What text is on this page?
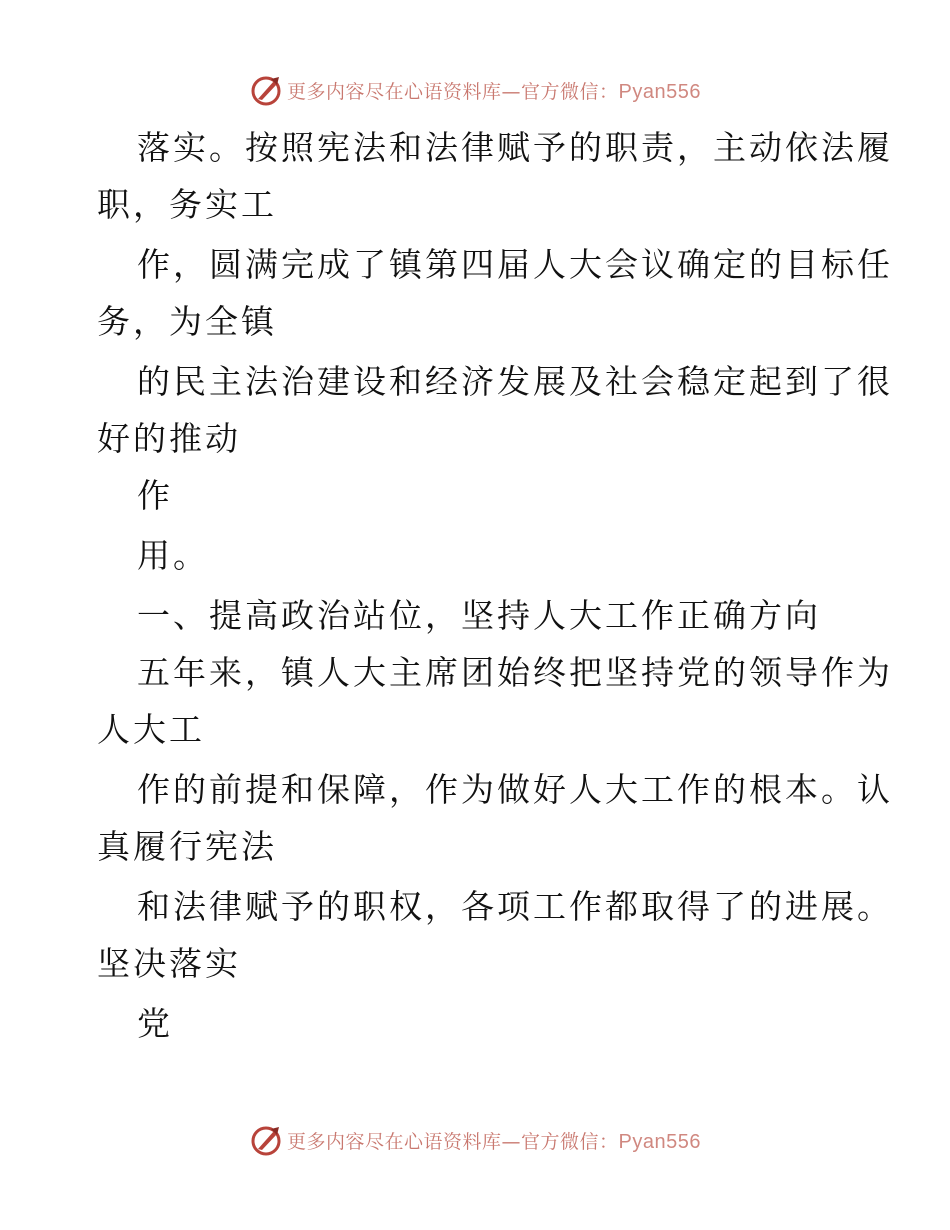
更多内容尽在心语资料库—官方微信：Pyan556
落实。按照宪法和法律赋予的职责，主动依法履
职，务实工
作，圆满完成了镇第四届人大会议确定的目标任
务，为全镇
的民主法治建设和经济发展及社会稳定起到了很
好的推动
作
用。
一、提高政治站位，坚持人大工作正确方向
五年来，镇人大主席团始终把坚持党的领导作为
人大工
作的前提和保障，作为做好人大工作的根本。认
真履行宪法
和法律赋予的职权，各项工作都取得了的进展。
坚决落实
党
更多内容尽在心语资料库—官方微信：Pyan556
